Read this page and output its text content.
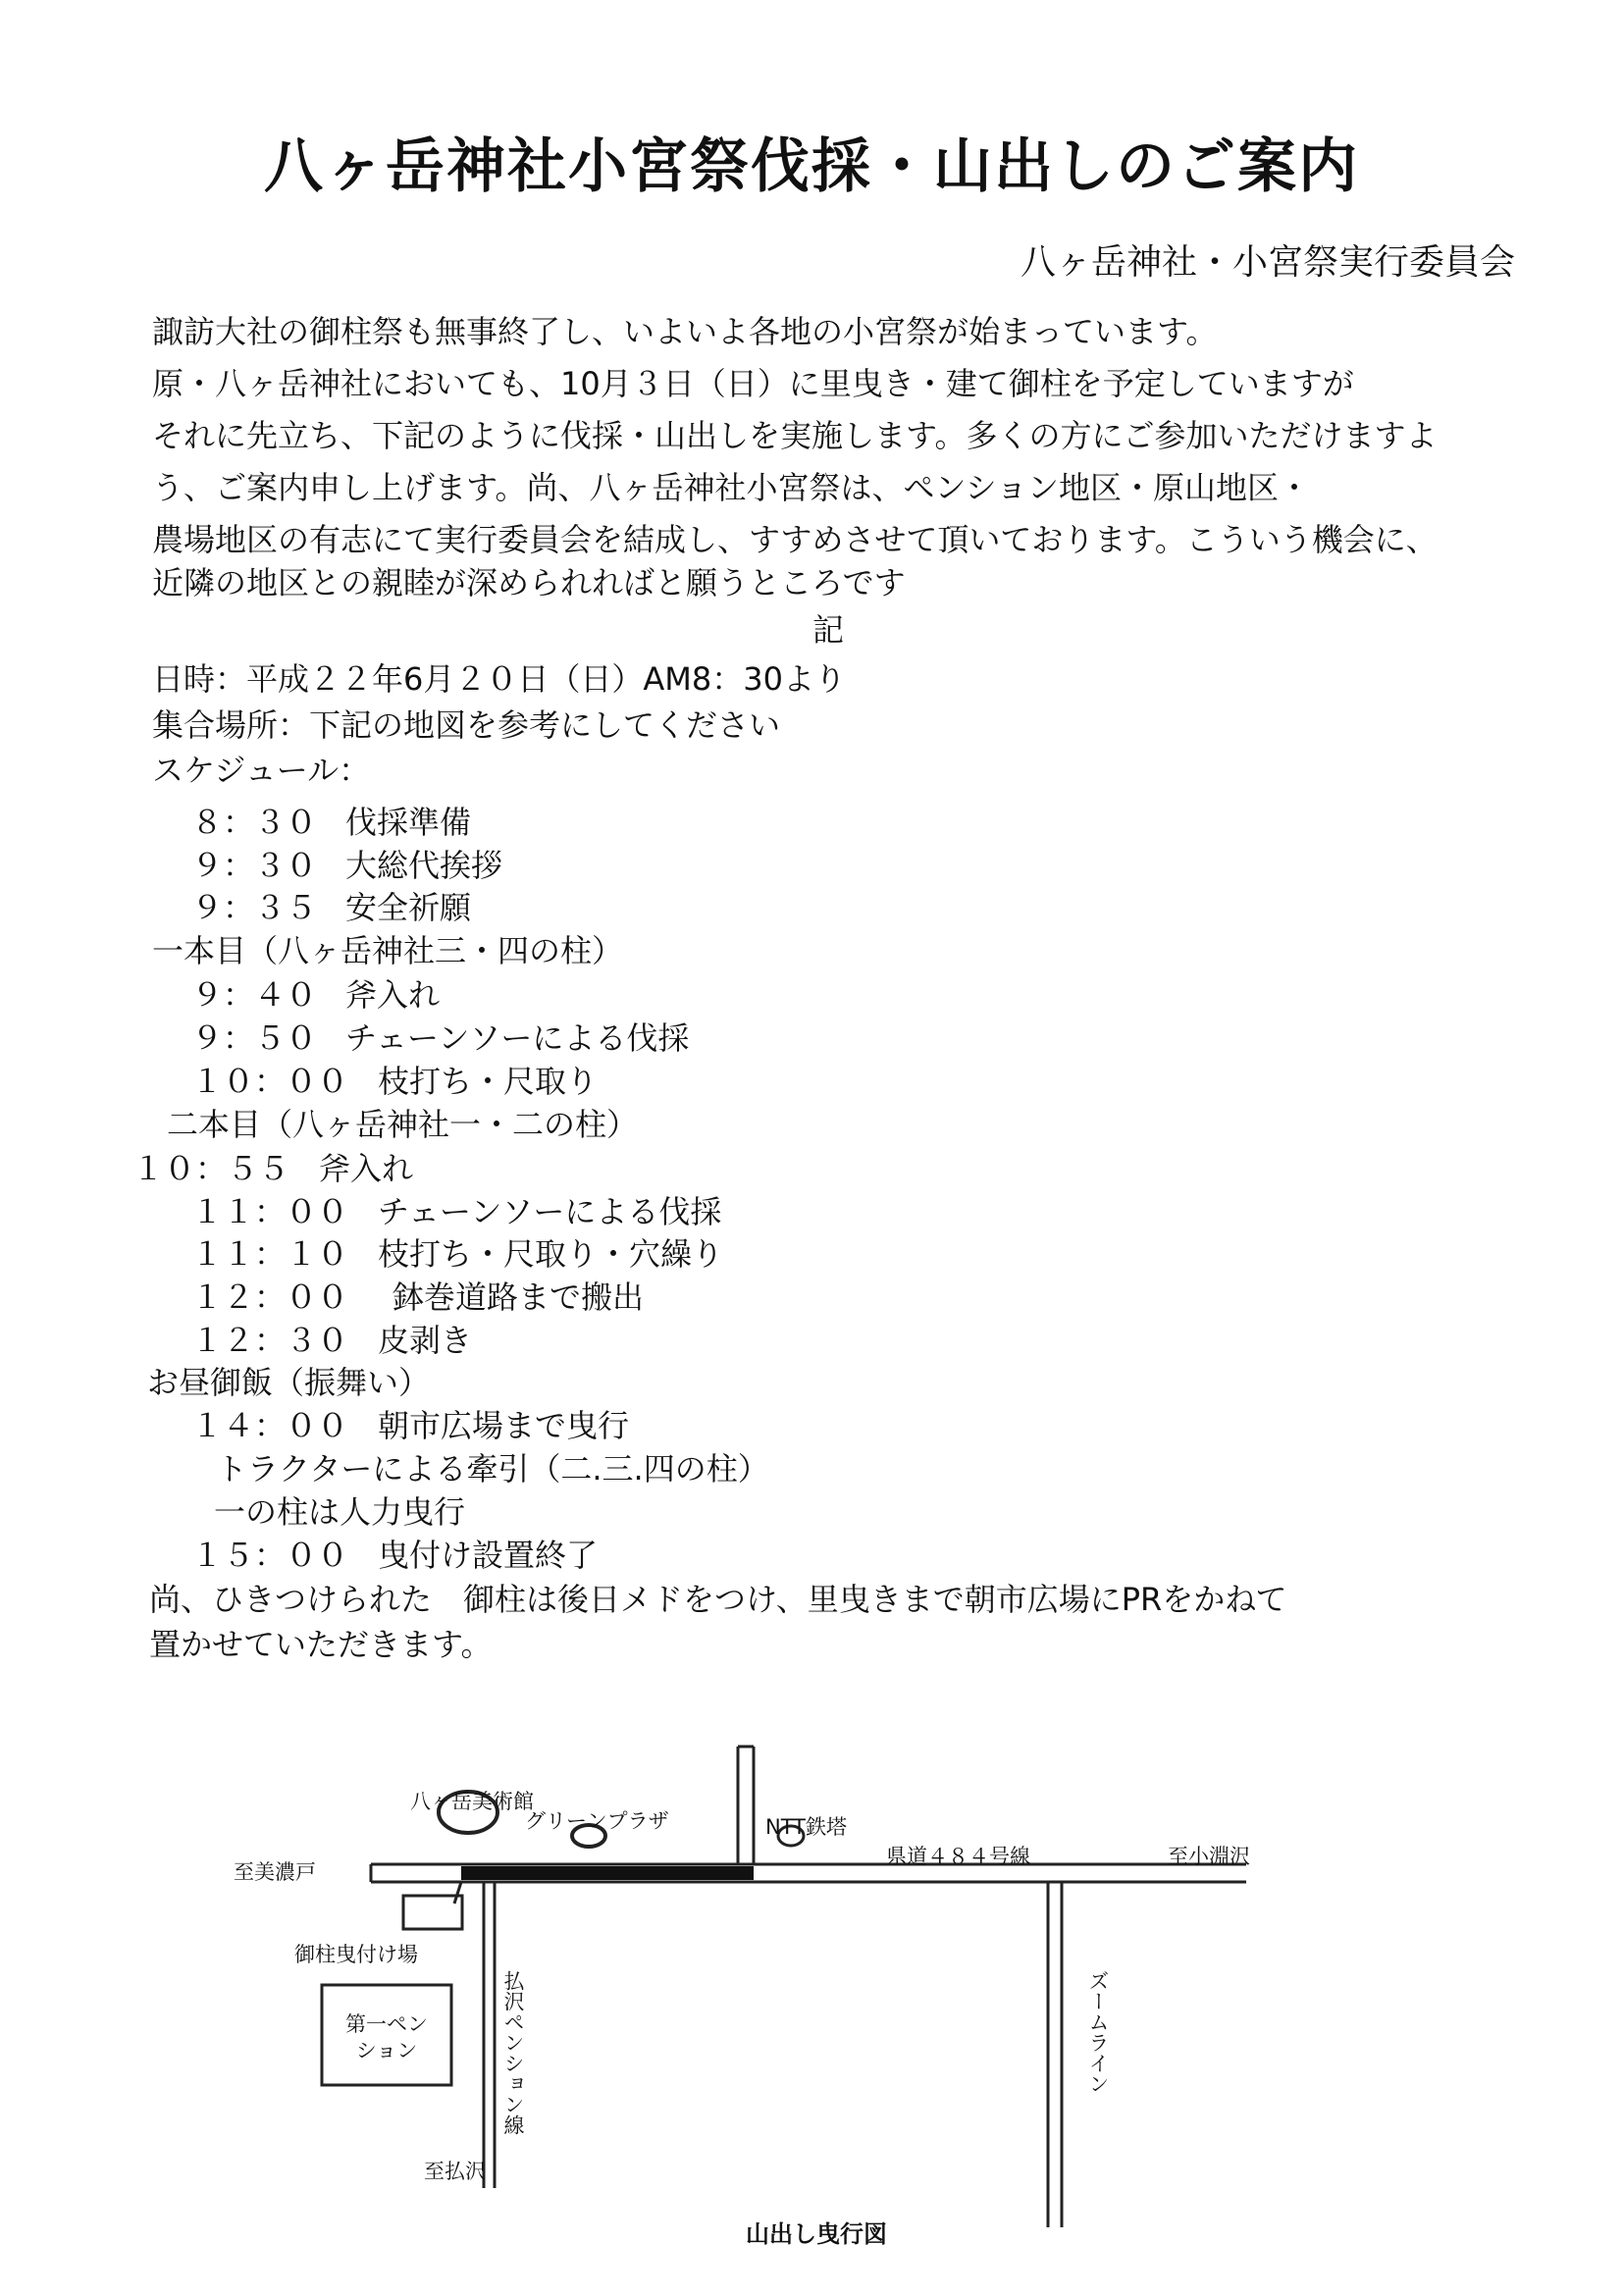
八ヶ岳神社小宮祭伐採・山出しのご案内
八ヶ岳神社・小宮祭実行委員会
諏訪大社の御柱祭も無事終了し、いよいよ各地の小宮祭が始まっています。
原・八ヶ岳神社においても、10月３日（日）に里曳き・建て御柱を予定していますが
それに先立ち、下記のように伐採・山出しを実施します。多くの方にご参加いただけますよ
う、ご案内申し上げます。尚、八ヶ岳神社小宮祭は、ペンション地区・原山地区・
農場地区の有志にて実行委員会を結成し、すすめさせて頂いております。こういう機会に、
近隣の地区との親睦が深められればと願うところです
記
日時：平成２２年6月２０日（日）AM8：30より
集合場所：下記の地図を参考にしてください
スケジュール：
８：３０ 伐採準備
９：３０ 大総代挨拶
９：３５ 安全祈願
一本目（八ヶ岳神社三・四の柱）
９：４０ 斧入れ
９：５０ チェーンソーによる伐採
１０：００ 枝打ち・尺取り
二本目（八ヶ岳神社一・二の柱）
１０：５５ 斧入れ
１１：００ チェーンソーによる伐採
１１：１０ 枝打ち・尺取り・穴繰り
１２：００ 鉢巻道路まで搬出
１２：３０ 皮剥き
お昼御飯（振舞い）
１４：００ 朝市広場まで曳行
トラクターによる牽引（二.三.四の柱）
一の柱は人力曳行
１５：００ 曳付け設置終了
尚、ひきつけられた　御柱は後日メドをつけ、里曳きまで朝市広場にPRをかねて
置かせていただきます。
八ヶ岳美術館
グリーンプラザ	NTT鉄塔
県道４８４号線	至小淵沢
至美濃戸
御柱曳付け場
第一ペンション	払沢ペンション線
至払沢
ズームライン
山出し曳行図
